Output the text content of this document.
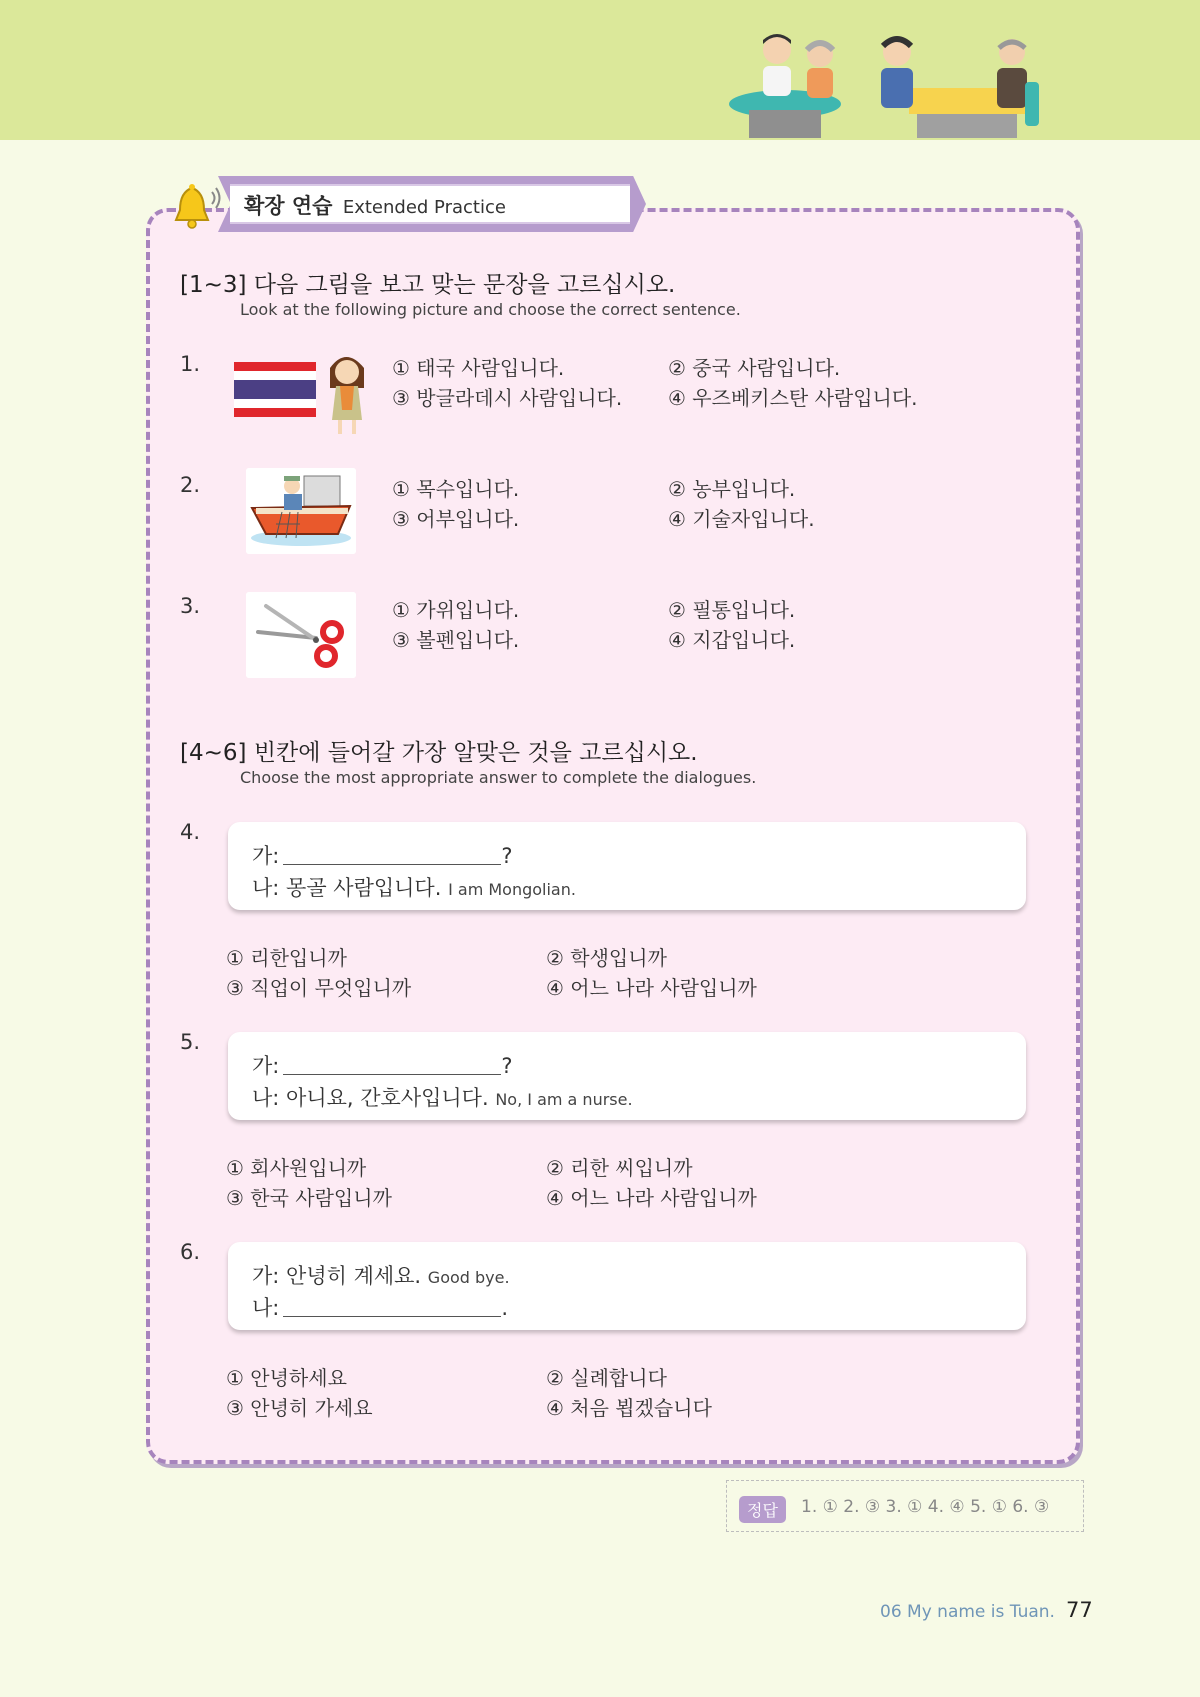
확장 연습 Extended Practice
[1~3] 다음 그림을 보고 맞는 문장을 고르십시오.
Look at the following picture and choose the correct sentence.
1.	① 태국 사람입니다.	② 중국 사람입니다.
③ 방글라데시 사람입니다. ④ 우즈베키스탄 사람입니다.
2.	① 목수입니다.	② 농부입니다.
③ 어부입니다.	④ 기술자입니다.
3.	① 가위입니다.	② 필통입니다.
③ 볼펜입니다.	④ 지갑입니다.
[4~6] 빈칸에 들어갈 가장 알맞은 것을 고르십시오.
Choose the most appropriate answer to complete the dialogues.
4.
가:	?
나: 몽골 사람입니다. I am Mongolian.
① 리한입니까	② 학생입니까
③ 직업이 무엇입니까	④ 어느 나라 사람입니까
5.
가:	?
나: 아니요, 간호사입니다. No, I am a nurse.
① 회사원입니까	② 리한 씨입니까
③ 한국 사람입니까	④ 어느 나라 사람입니까
6.
가: 안녕히 계세요. Good bye.
나:	.
① 안녕하세요	② 실례합니다
③ 안녕히 가세요	④ 처음 뵙겠습니다
정답	1. ① 2. ③ 3. ① 4. ④ 5. ① 6. ③
06 My name is Tuan. 77
